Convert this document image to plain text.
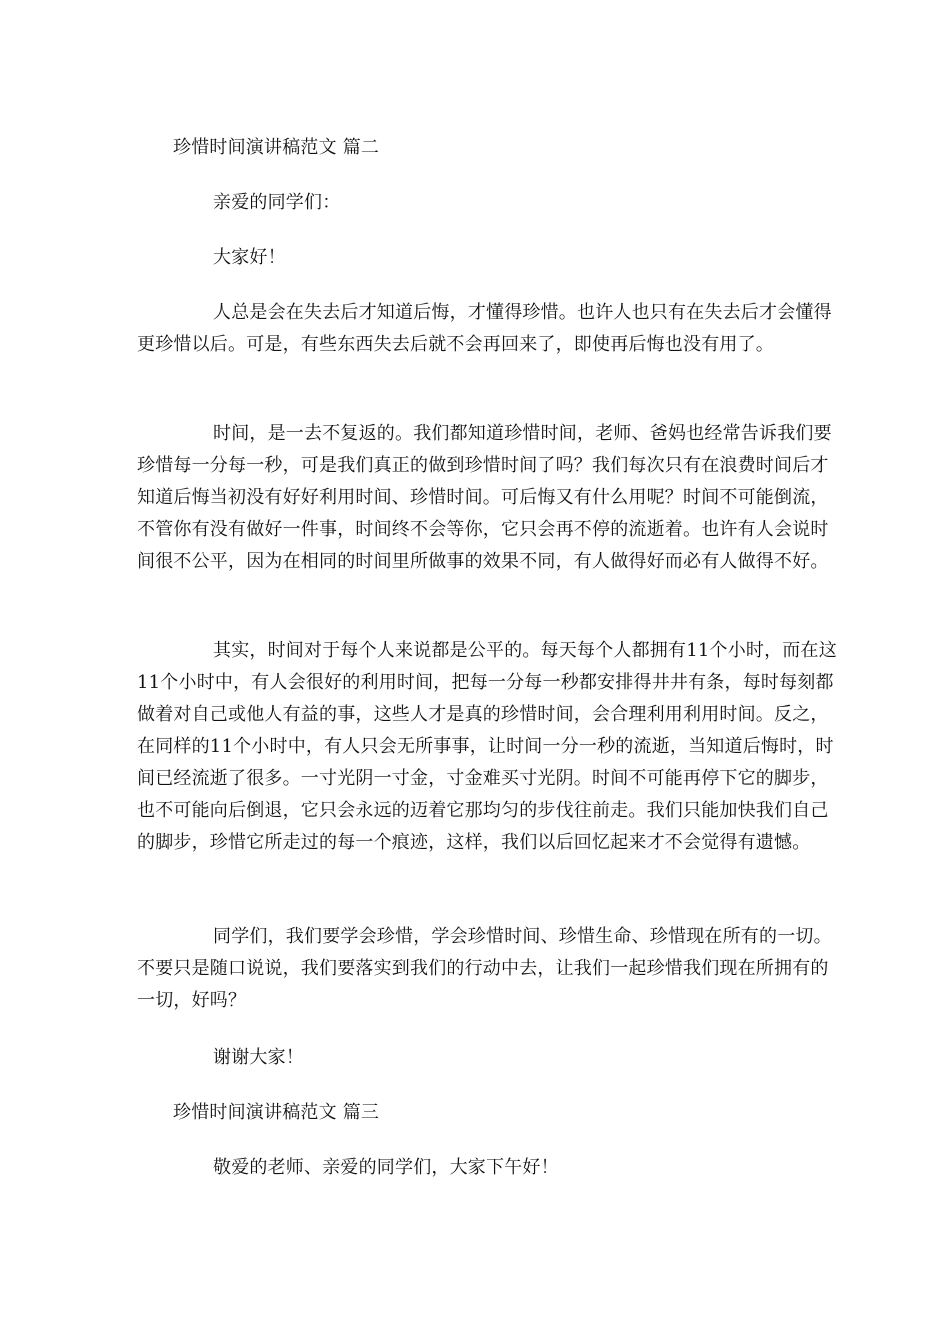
珍惜时间演讲稿范文 篇二

亲爱的同学们：

大家好！

人总是会在失去后才知道后悔，才懂得珍惜。也许人也只有在失去后才会懂得更珍惜以后。可是，有些东西失去后就不会再回来了，即使再后悔也没有用了。

时间，是一去不复返的。我们都知道珍惜时间，老师、爸妈也经常告诉我们要珍惜每一分每一秒，可是我们真正的做到珍惜时间了吗？我们每次只有在浪费时间后才知道后悔当初没有好好利用时间、珍惜时间。可后悔又有什么用呢？时间不可能倒流，不管你有没有做好一件事，时间终不会等你，它只会再不停的流逝着。也许有人会说时间很不公平，因为在相同的时间里所做事的效果不同，有人做得好而必有人做得不好。

其实，时间对于每个人来说都是公平的。每天每个人都拥有11个小时，而在这11个小时中，有人会很好的利用时间，把每一分每一秒都安排得井井有条，每时每刻都做着对自己或他人有益的事，这些人才是真的珍惜时间，会合理利用利用时间。反之，在同样的11个小时中，有人只会无所事事，让时间一分一秒的流逝，当知道后悔时，时间已经流逝了很多。一寸光阴一寸金，寸金难买寸光阴。时间不可能再停下它的脚步，也不可能向后倒退，它只会永远的迈着它那均匀的步伐往前走。我们只能加快我们自己的脚步，珍惜它所走过的每一个痕迹，这样，我们以后回忆起来才不会觉得有遗憾。

同学们，我们要学会珍惜，学会珍惜时间、珍惜生命、珍惜现在所有的一切。不要只是随口说说，我们要落实到我们的行动中去，让我们一起珍惜我们现在所拥有的一切，好吗？

谢谢大家！

珍惜时间演讲稿范文 篇三

敬爱的老师、亲爱的同学们，大家下午好！
